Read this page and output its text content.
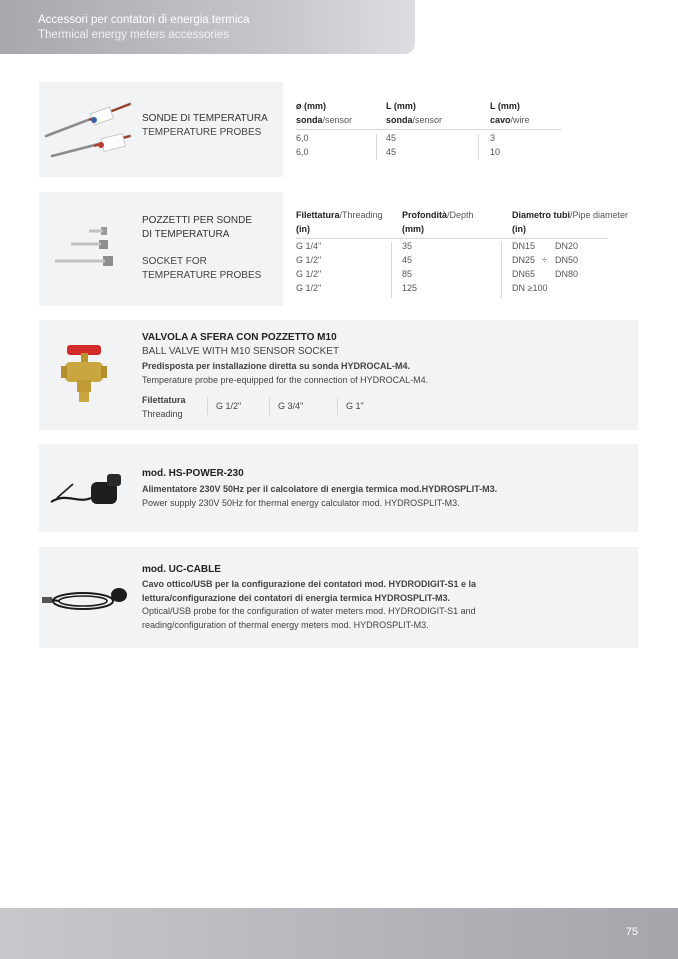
Accessori per contatori di energia termica
Thermical energy meters accessories
SONDE DI TEMPERATURA
TEMPERATURE PROBES
ø (mm)
sonda/sensor
6,0
6,0
L (mm)
sonda/sensor
45
45
L (mm)
cavo/wire
3
10
POZZETTI PER SONDE
DI TEMPERATURA
SOCKET FOR
TEMPERATURE PROBES
Filettatura/Threading
(in)
G 1/4"
G 1/2"
G 1/2"
G 1/2"
Profondità/Depth
(mm)
35
45
85
125
Diametro tubi/Pipe diameter
(in)
DN15 DN20
DN25 ÷ DN50
DN65 DN80
DN ≥100
VALVOLA A SFERA CON POZZETTO M10
BALL VALVE WITH M10 SENSOR SOCKET
Predisposta per installazione diretta su sonda HYDROCAL-M4.
Temperature probe pre-equipped for the connection of HYDROCAL-M4.
Filettatura
Threading
G 1/2"	G 3/4"	G 1"
mod. HS-POWER-230
Alimentatore 230V 50Hz per il calcolatore di energia termica mod.HYDROSPLIT-M3.
Power supply 230V 50Hz for thermal energy calculator mod. HYDROSPLIT-M3.
mod. UC-CABLE
Cavo ottico/USB per la configurazione dei contatori mod. HYDRODIGIT-S1 e la
lettura/configurazione dei contatori di energia termica HYDROSPLIT-M3.
Optical/USB probe for the configuration of water meters mod. HYDRODIGIT-S1 and
reading/configuration of thermal energy meters mod. HYDROSPLIT-M3.
75
